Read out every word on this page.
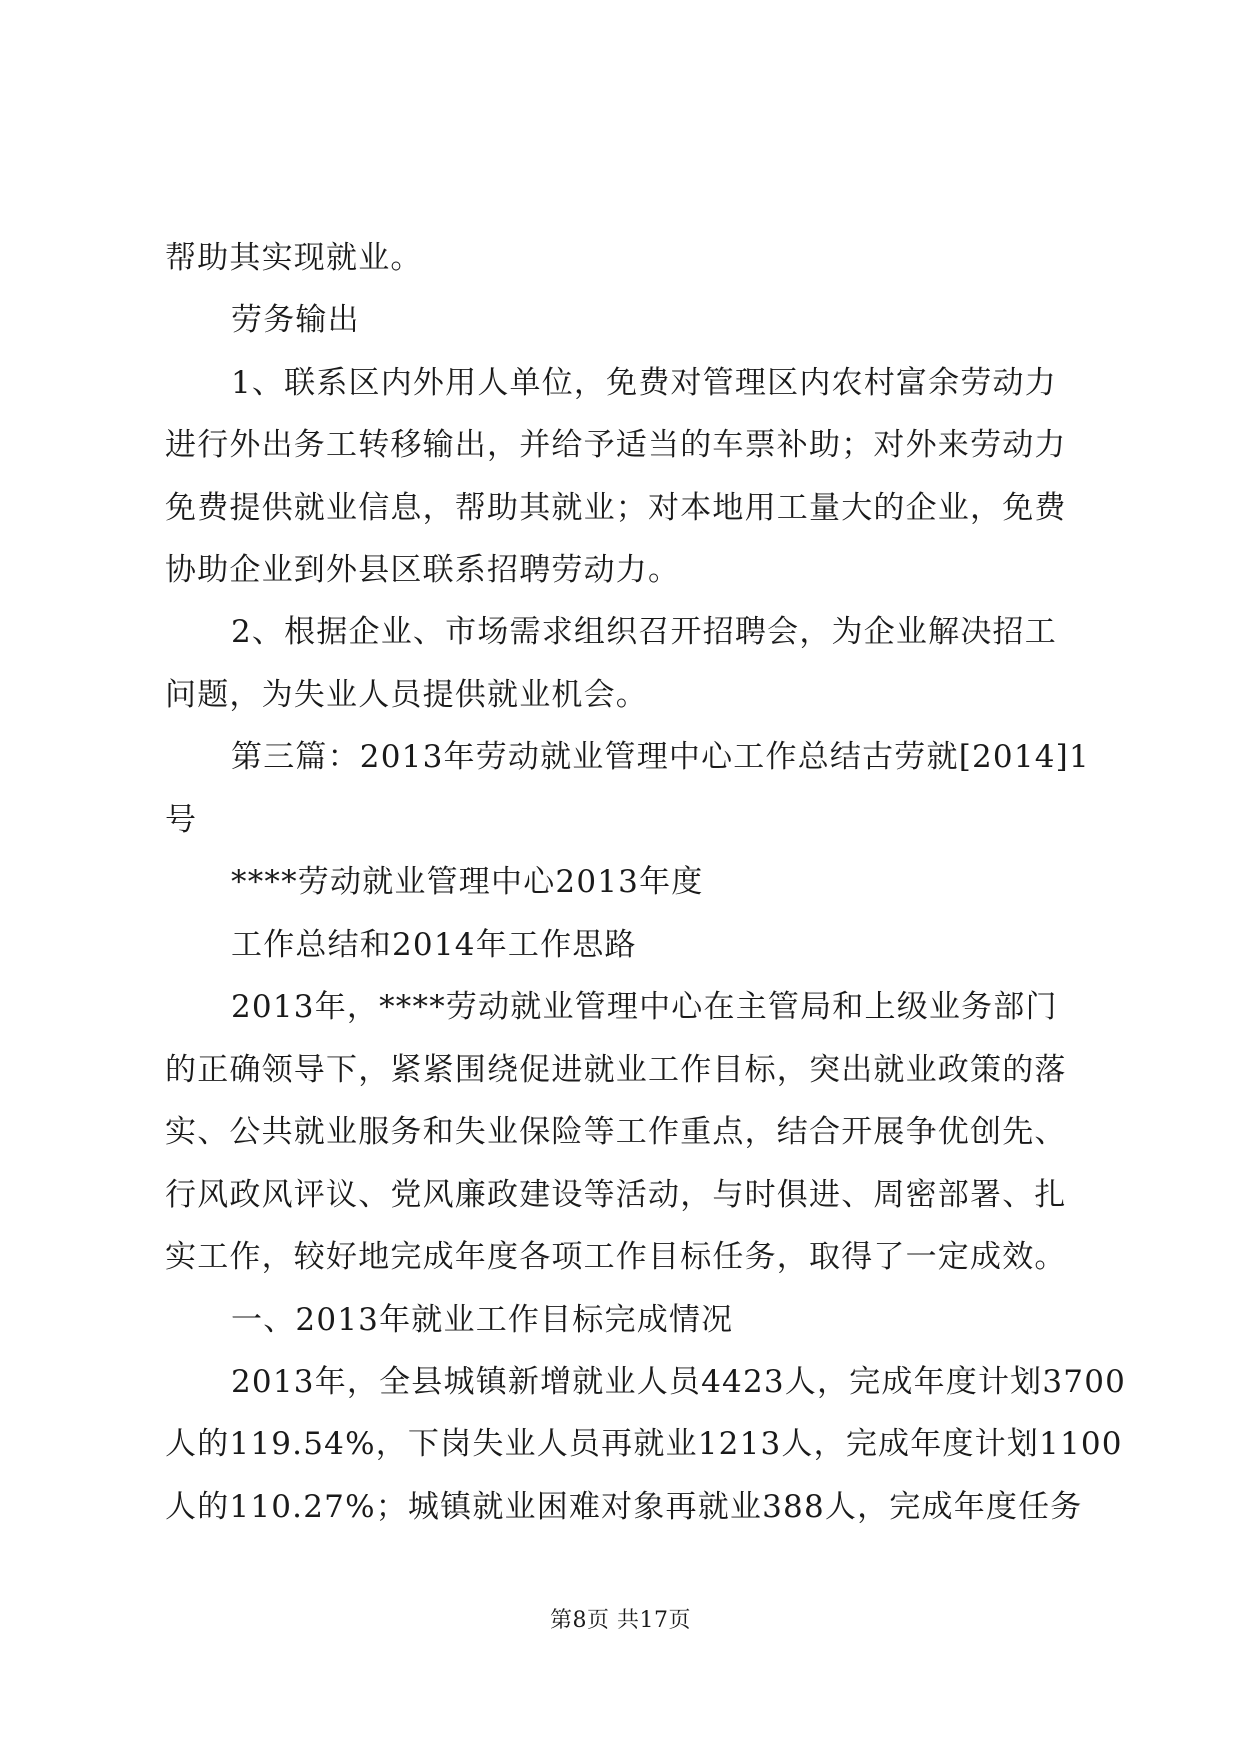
帮助其实现就业。

劳务输出

1、联系区内外用人单位，免费对管理区内农村富余劳动力

进行外出务工转移输出，并给予适当的车票补助；对外来劳动力

免费提供就业信息，帮助其就业；对本地用工量大的企业，免费

协助企业到外县区联系招聘劳动力。

2、根据企业、市场需求组织召开招聘会，为企业解决招工

问题，为失业人员提供就业机会。

第三篇：2013年劳动就业管理中心工作总结古劳就[2014]1

号

****劳动就业管理中心2013年度

工作总结和2014年工作思路

2013年，****劳动就业管理中心在主管局和上级业务部门

的正确领导下，紧紧围绕促进就业工作目标，突出就业政策的落

实、公共就业服务和失业保险等工作重点，结合开展争优创先、

行风政风评议、党风廉政建设等活动，与时俱进、周密部署、扎

实工作，较好地完成年度各项工作目标任务，取得了一定成效。

一、2013年就业工作目标完成情况

2013年，全县城镇新增就业人员4423人，完成年度计划3700

人的119.54%，下岗失业人员再就业1213人，完成年度计划1100

人的110.27%；城镇就业困难对象再就业388人，完成年度任务

第8页 共17页
